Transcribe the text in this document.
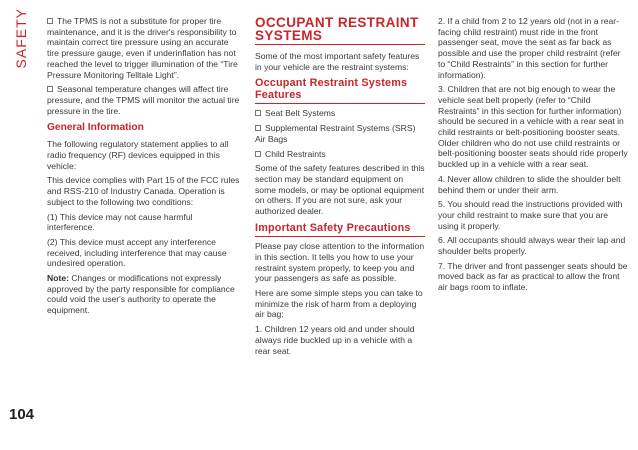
SAFETY
104

The TPMS is not a substitute for proper tire maintenance, and it is the driver's responsibility to maintain correct tire pressure using an accurate tire pressure gauge, even if underinflation has not reached the level to trigger illumination of the “Tire Pressure Monitoring Telltale Light”.

Seasonal temperature changes will affect tire pressure, and the TPMS will monitor the actual tire pressure in the tire.

General Information

The following regulatory statement applies to all radio frequency (RF) devices equipped in this vehicle:

This device complies with Part 15 of the FCC rules and RSS-210 of Industry Canada. Operation is subject to the following two conditions:

(1) This device may not cause harmful interference.

(2) This device must accept any interference received, including interference that may cause undesired operation.

Note: Changes or modifications not expressly approved by the party responsible for compliance could void the user's authority to operate the equipment.

OCCUPANT RESTRAINT SYSTEMS

Some of the most important safety features in your vehicle are the restraint systems:

Occupant Restraint Systems Features

Seat Belt Systems

Supplemental Restraint Systems (SRS) Air Bags

Child Restraints

Some of the safety features described in this section may be standard equipment on some models, or may be optional equipment on others. If you are not sure, ask your authorized dealer.

Important Safety Precautions

Please pay close attention to the information in this section. It tells you how to use your restraint system properly, to keep you and your passengers as safe as possible.

Here are some simple steps you can take to minimize the risk of harm from a deploying air bag:

1. Children 12 years old and under should always ride buckled up in a vehicle with a rear seat.

2. If a child from 2 to 12 years old (not in a rear-facing child restraint) must ride in the front passenger seat, move the seat as far back as possible and use the proper child restraint (refer to “Child Restraints” in this section for further information).

3. Children that are not big enough to wear the vehicle seat belt properly (refer to “Child Restraints” in this section for further information) should be secured in a vehicle with a rear seat in child restraints or belt-positioning booster seats. Older children who do not use child restraints or belt-positioning booster seats should ride properly buckled up in a vehicle with a rear seat.

4. Never allow children to slide the shoulder belt behind them or under their arm.

5. You should read the instructions provided with your child restraint to make sure that you are using it properly.

6. All occupants should always wear their lap and shoulder belts properly.

7. The driver and front passenger seats should be moved back as far as practical to allow the front air bags room to inflate.
